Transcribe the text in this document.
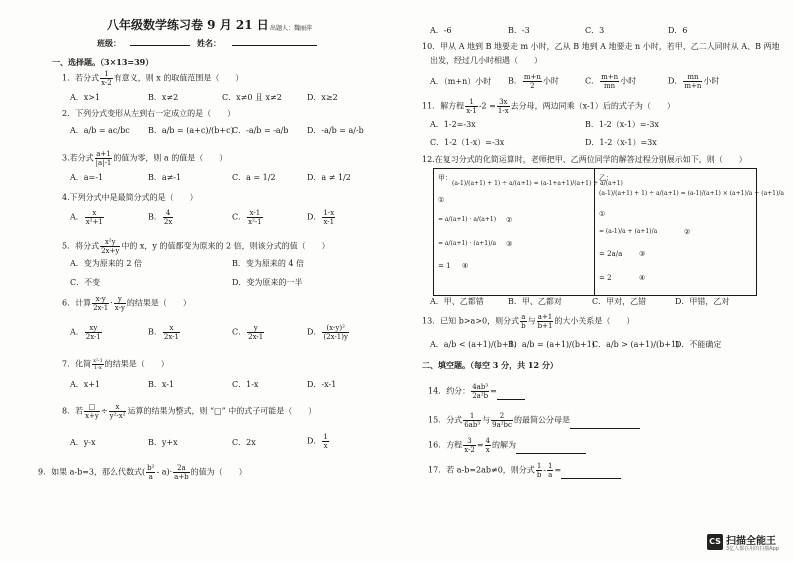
八年级数学练习卷 9 月 21 日 出题人：魏丽萍
班级：	姓名：
一、选择题。（3×13=39）
1．若分式 $\frac{1}{x-2}$ 有意义，则 x 的取值范围是（　　）
A．x>1	B．x≠2	C．x≠0 且 x≠2	D．x≥2
2．下列分式变形从左到右一定成立的是（　　）
A．a/b = ac/bc B．a/b = (a+c)/(b+c)
C．-a/b = -a/b D．-a/b = a/-b
3.若分式 $\frac{a+1}{|a|-1}$ 的值为零，则 a 的值是（　　）
A．a=-1	B．a≠-1	C．a = 1/2	D．a ≠ 1/2
4.下列分式中是最简分式的是（　　）
A． $\frac{x}{\text{x²+1}}$	B． $\frac{4}{2x}$	C． $\frac{x-1}{\text{x²-1}}$	D． $\frac{1-x}{x-1}$
5．将分式 $\frac{\text{x²y}}{2x+y}$ 中的 x，y 的值都变为原来的 2 倍，则该分式的值（　　）
A．变为原来的 2 倍	B．变为原来的 4 倍
C．不变	D．变为原来的一半
6．计算 $\frac{x-y}{2x-1} \cdot \frac{y}{x-y}$ 的结果是（　　）
A． $\frac{xy}{2x-1}$	B． $\frac{x}{2x-1}$	C． $\frac{y}{2x-1}$	D． $\frac{\text{(x-y)²}}{(2x-1)y}$
7．化简 $\frac{\text{x²-1}}{1-x}$ 的结果是（　　）
A．x+1	B．x-1	C．1-x	D．-x-1
8．若 $\frac{□}{x+y} \div \frac{x}{\text{y²-x²}}$ 运算的结果为整式，则 “□” 中的式子可能是（　　）
A．y-x	B．y+x	C．2x	D． $\frac{1}{x}$
9．如果 a-b=3，那么代数式( $\frac{\text{b²}}{a} - a)\cdot \frac{2a}{a+b}$ 的值为（　　）
A．-6	B．-3	C．3	D．6
10．甲从 A 地到 B 地要走 m 小时，乙从 B 地到 A 地要走 n 小时，若甲、乙二人同时从 A、B 两地
出发，经过几小时相遇（　　）
A．（m+n）小时 B． $\frac{m+n}{2}$ 小时	C． $\frac{m+n}{mn}$ 小时	D． $\frac{mn}{m+n}$ 小时
11．解方程 $\frac{1}{x-1} -2 = \frac{3x}{1-x}$ 去分母，两边同乘（x-1）后的式子为（　　）
A．1-2=-3x	B．1-2（x-1）=-3x
C．1-2（1-x）=-3x	D．1-2（x-1）=3x
12.在复习分式的化简运算时，老师把甲、乙两位同学的解答过程分别展示如下，则（　　）
甲：
(a-1)/(a+1) + 1) ÷ a/(a+1) = (a-1+a+1)/(a+1) ÷ a/(a+1)
①
= a/(a+1) · a/(a+1) ②
= a/(a+1) · (a+1)/a ③
= 1 ④
乙：
(a-1)/(a+1) + 1) ÷ a/(a+1) = (a-1)/(a+1) × (a+1)/a + (a+1)/a
①
= (a-1)/a + (a+1)/a	②
= 2a/a ③
= 2	④
A．甲、乙都错	B．甲、乙都对	C．甲对，乙错	D．甲错，乙对
13．已知 b>a>0，则分式 $\frac{a}{b}$ 与 $\frac{a+1}{b+1}$ 的大小关系是（　　）
A．a/b < (a+1)/(b+1)
B．a/b = (a+1)/(b+1)
C．a/b > (a+1)/(b+1)
D．不能确定
二、填空题。（每空 3 分，共 12 分）
14．约分： $\frac{\text{4ab³}}{\text{2a²b}}$ =
15．分式 $\frac{1}{\text{6ab³}}$ 与 $\frac{2}{\text{9a²bc}}$ 的最简公分母是
16．方程 $\frac{3}{x-2} = \frac{4}{x}$ 的解为
17．若 a-b=2ab≠0，则分式 $\frac{1}{b} - \frac{1}{a}$ =
CS 扫描全能王
3亿人都在用的扫描App
